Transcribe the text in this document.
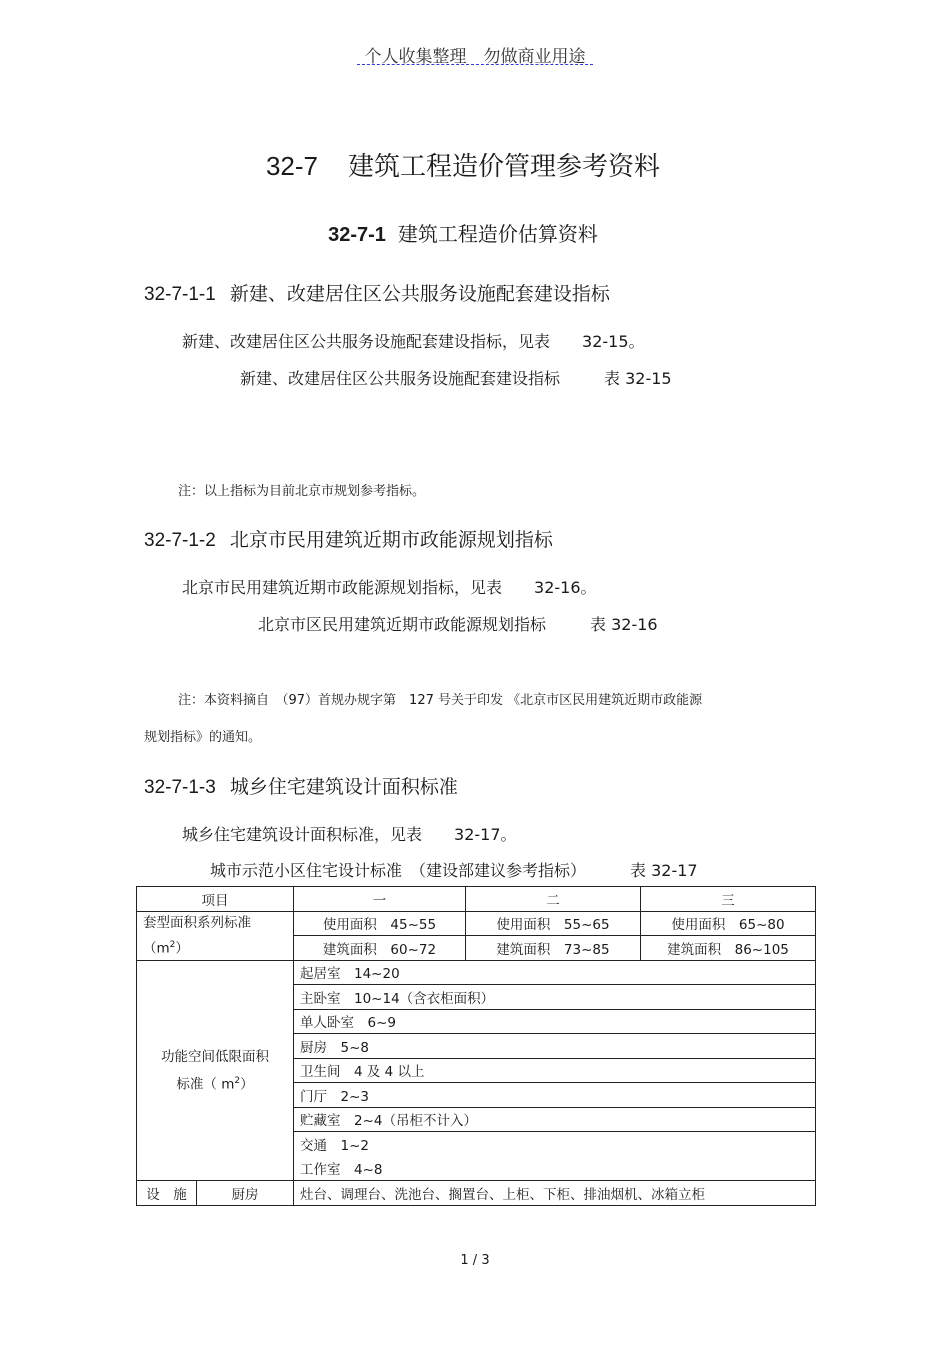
个人收集整理　勿做商业用途
32-7 建筑工程造价管理参考资料
32-7-1 建筑工程造价估算资料
32-7-1-1 新建、改建居住区公共服务设施配套建设指标
新建、改建居住区公共服务设施配套建设指标，见表 32-15。
新建、改建居住区公共服务设施配套建设指标	表 32-15
注：以上指标为目前北京市规划参考指标。
32-7-1-2 北京市民用建筑近期市政能源规划指标
北京市民用建筑近期市政能源规划指标，见表 32-16。
北京市区民用建筑近期市政能源规划指标	表 32-16
注：本资料摘自　（97）首规办规字第　127 号关于印发 《北京市区民用建筑近期市政能源
规划指标》的通知。
32-7-1-3 城乡住宅建筑设计面积标准
城乡住宅建筑设计面积标准，见表 32-17。
城市示范小区住宅设计标准　（建设部建议参考指标）	表 32-17
项目		一	二	三

套型面积系列标准
$(m^2)$		使用面积　45~55	使用面积　55~65	使用面积　65~80
		建筑面积　60~72	建筑面积　73~85	建筑面积　86~105

功能空间低限面积
标准（ $m^2$）		起居室　14~20		
		主卧室　10~14（含衣柜面积）		
		单人卧室　6~9		
		厨房　5~8		
		卫生间　4 及 4 以上		
		门厅　2~3		
		贮藏室　2~4（吊柜不计入）		
		交通　1~2		
		工作室　4~8		
设　施	厨房	灶台、调理台、洗池台、搁置台、上柜、下柜、排油烟机、冰箱立柜		
1 / 3
